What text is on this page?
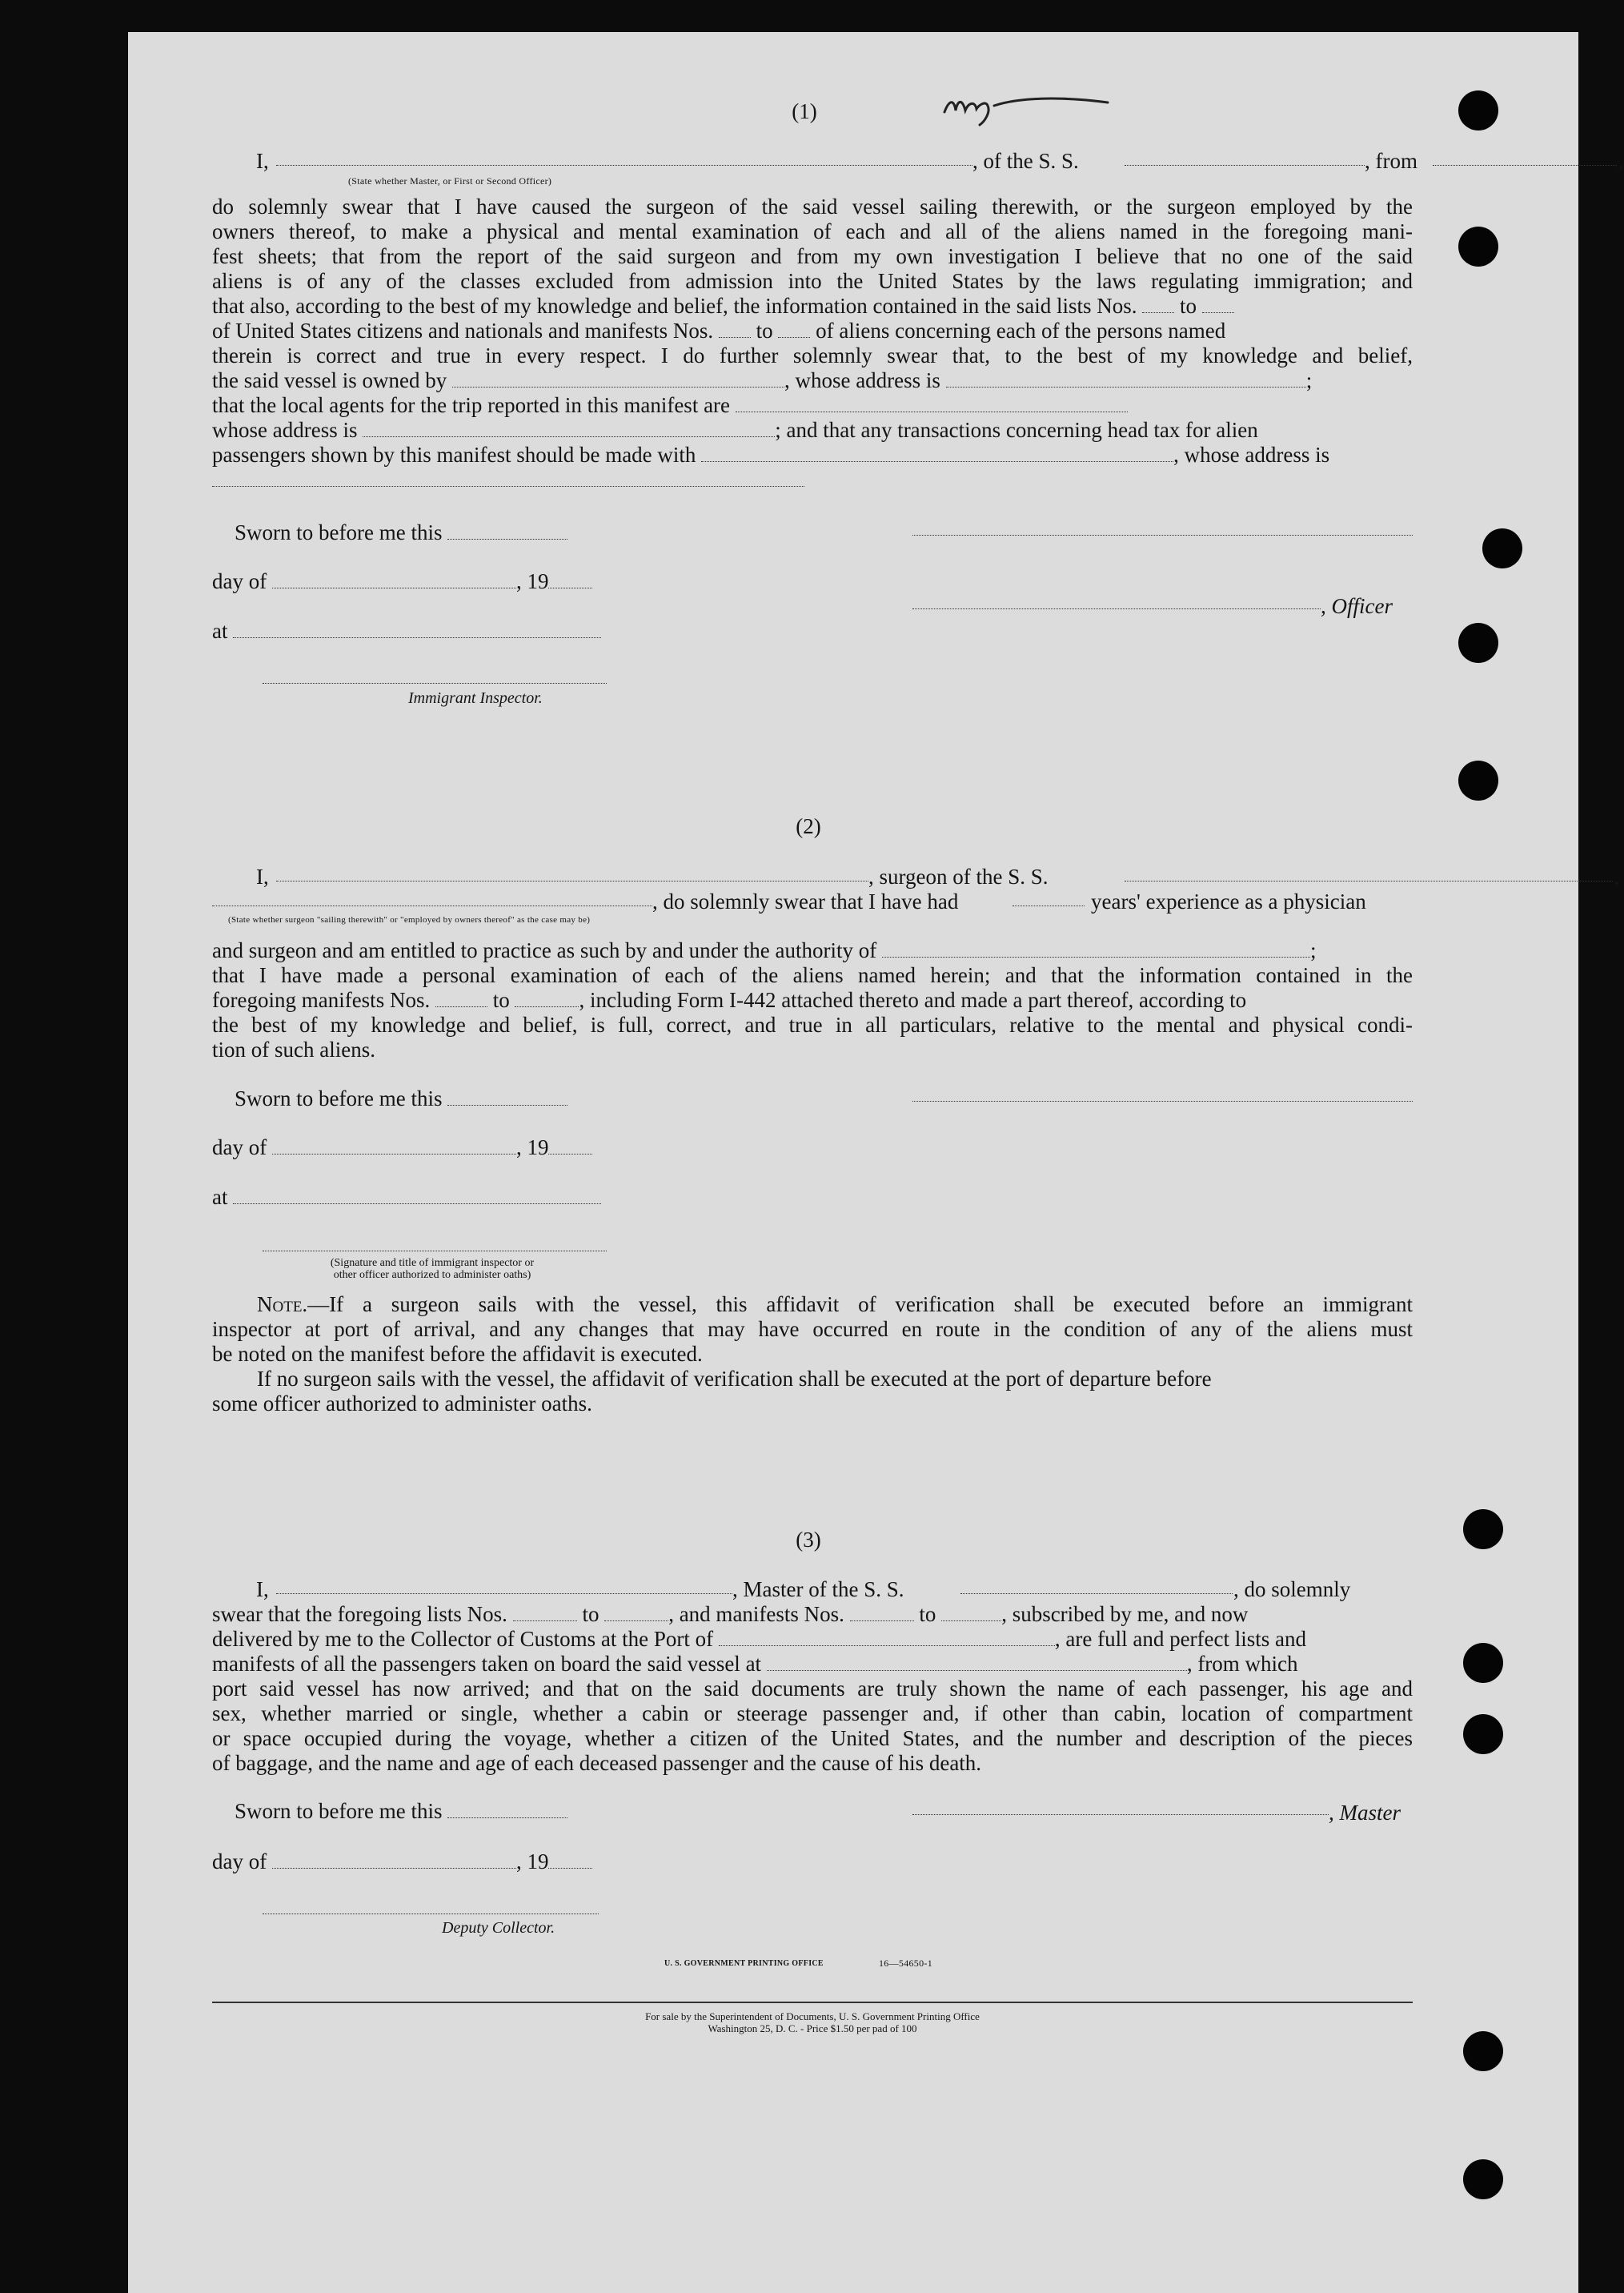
(1)
I,	, of the S. S.	, from	,
(State whether Master, or First or Second Officer)
do solemnly swear that I have caused the surgeon of the said vessel sailing therewith, or the surgeon employed by the
owners thereof, to make a physical and mental examination of each and all of the aliens named in the foregoing mani-
fest sheets; that from the report of the said surgeon and from my own investigation I believe that no one of the said
aliens is of any of the classes excluded from admission into the United States by the laws regulating immigration; and
that also, according to the best of my knowledge and belief, the information contained in the said lists Nos. to
of United States citizens and nationals and manifests Nos. to of aliens concerning each of the persons named
therein is correct and true in every respect. I do further solemnly swear that, to the best of my knowledge and belief,
the said vessel is owned by	, whose address is	;
that the local agents for the trip reported in this manifest are
whose address is	; and that any transactions concerning head tax for alien
passengers shown by this manifest should be made with	, whose address is
Sworn to before me this
day of	, 19
, Officer
at
Immigrant Inspector.
(2)
I,	, surgeon of the S. S.	,
, do solemnly swear that I have had	years' experience as a physician
(State whether surgeon "sailing therewith" or "employed by owners thereof" as the case may be)
and surgeon and am entitled to practice as such by and under the authority of	;
that I have made a personal examination of each of the aliens named herein; and that the information contained in the
foregoing manifests Nos.	to	, including Form I-442 attached thereto and made a part thereof, according to
the best of my knowledge and belief, is full, correct, and true in all particulars, relative to the mental and physical condi-
tion of such aliens.
Sworn to before me this
day of	, 19
at
(Signature and title of immigrant inspector or
other officer authorized to administer oaths)
Note.—If a surgeon sails with the vessel, this affidavit of verification shall be executed before an immigrant
inspector at port of arrival, and any changes that may have occurred en route in the condition of any of the aliens must
be noted on the manifest before the affidavit is executed.
If no surgeon sails with the vessel, the affidavit of verification shall be executed at the port of departure before
some officer authorized to administer oaths.
(3)
I,	, Master of the S. S.	, do solemnly
swear that the foregoing lists Nos.	to	, and manifests Nos.	to	, subscribed by me, and now
delivered by me to the Collector of Customs at the Port of	, are full and perfect lists and
manifests of all the passengers taken on board the said vessel at	, from which
port said vessel has now arrived; and that on the said documents are truly shown the name of each passenger, his age and
sex, whether married or single, whether a cabin or steerage passenger and, if other than cabin, location of compartment
or space occupied during the voyage, whether a citizen of the United States, and the number and description of the pieces
of baggage, and the name and age of each deceased passenger and the cause of his death.
Sworn to before me this	, Master
day of	, 19
Deputy Collector.
U. S. GOVERNMENT PRINTING OFFICE	16—54650-1
For sale by the Superintendent of Documents, U. S. Government Printing Office
Washington 25, D. C. - Price $1.50 per pad of 100
